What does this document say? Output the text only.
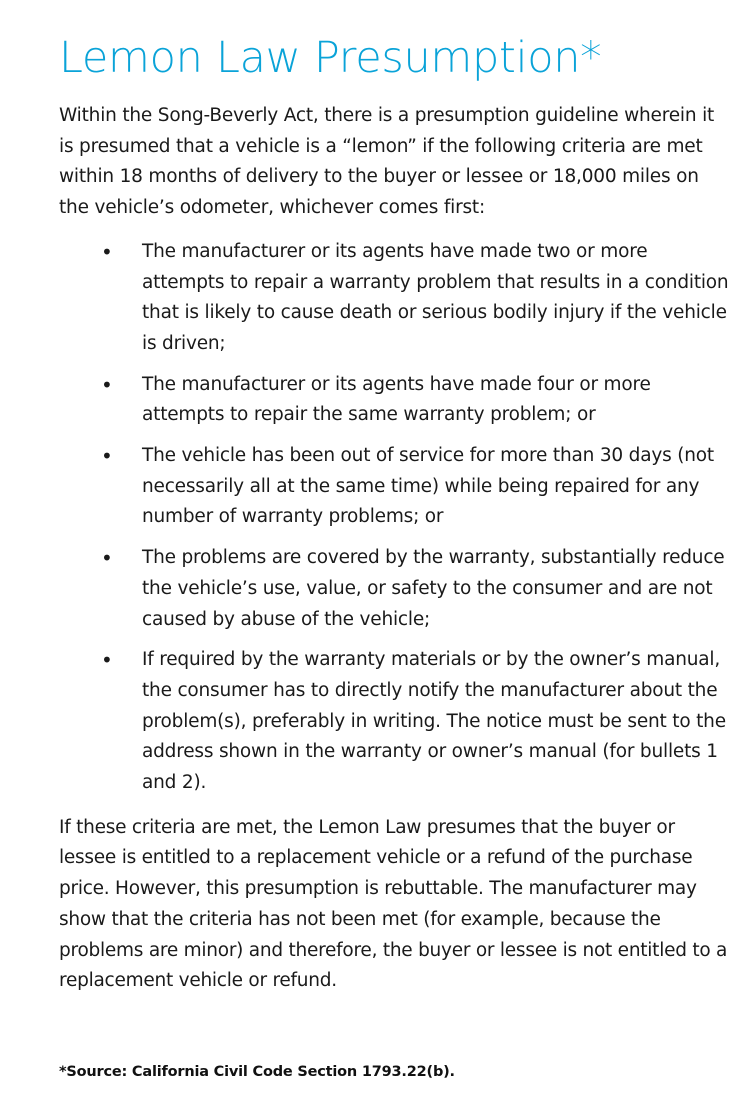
Lemon Law Presumption*

Within the Song-Beverly Act, there is a presumption guideline wherein it is presumed that a vehicle is a “lemon” if the following criteria are met within 18 months of delivery to the buyer or lessee or 18,000 miles on the vehicle’s odometer, whichever comes first:

• The manufacturer or its agents have made two or more attempts to repair a warranty problem that results in a condition that is likely to cause death or serious bodily injury if the vehicle is driven;
• The manufacturer or its agents have made four or more attempts to repair the same warranty problem; or
• The vehicle has been out of service for more than 30 days (not necessarily all at the same time) while being repaired for any number of warranty problems; or
• The problems are covered by the warranty, substantially reduce the vehicle’s use, value, or safety to the consumer and are not caused by abuse of the vehicle;
• If required by the warranty materials or by the owner’s manual, the consumer has to directly notify the manufacturer about the problem(s), preferably in writing. The notice must be sent to the address shown in the warranty or owner’s manual (for bullets 1 and 2).

If these criteria are met, the Lemon Law presumes that the buyer or lessee is entitled to a replacement vehicle or a refund of the purchase price. However, this presumption is rebuttable. The manufacturer may show that the criteria has not been met (for example, because the problems are minor) and therefore, the buyer or lessee is not entitled to a replacement vehicle or refund.

*Source: California Civil Code Section 1793.22(b).
